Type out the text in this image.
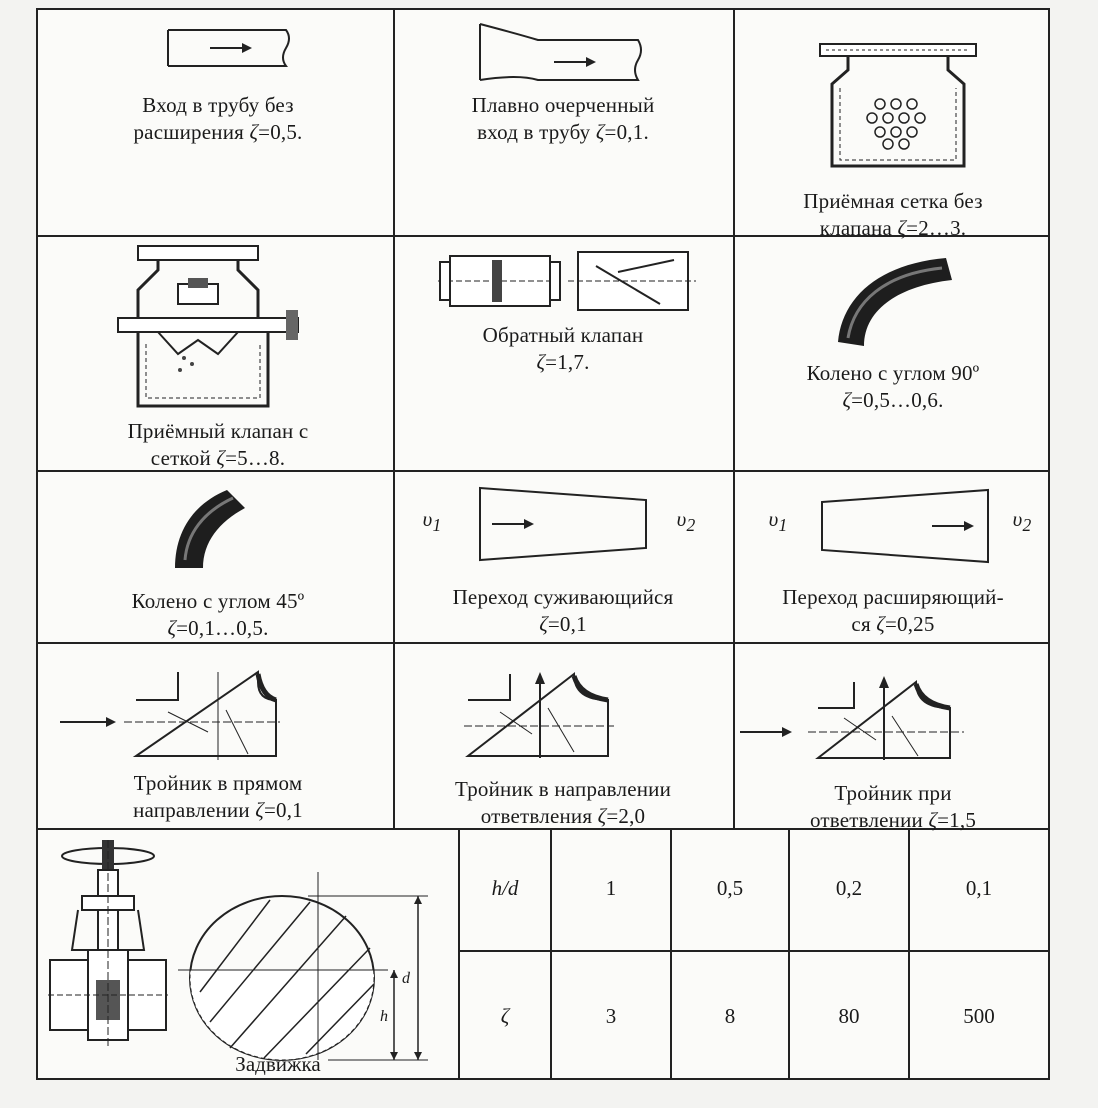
Вход в трубу без
расширения ζ=0,5.
Плавно очерченный
вход в трубу ζ=0,1.
Приёмная сетка без
клапана ζ=2…3.
Приёмный клапан с
сеткой ζ=5…8.
Обратный клапан
ζ=1,7.	Колено с углом 90º
ζ=0,5…0,6.
Колено с углом 45º
ζ=0,1…0,5.
$\upsilon_1$	$\upsilon_2$
Переход суживающийся
ζ=0,1
$\upsilon_1$	$\upsilon_2$
Переход расширяющий-
ся ζ=0,25
Тройник в прямом
направлении ζ=0,1
Тройник в направлении
ответвления ζ=2,0
Тройник при
ответвлении ζ=1,5
d
h
Задвижка
h/d	1	0,5	0,2	0,1
ζ	3	8	80	500
